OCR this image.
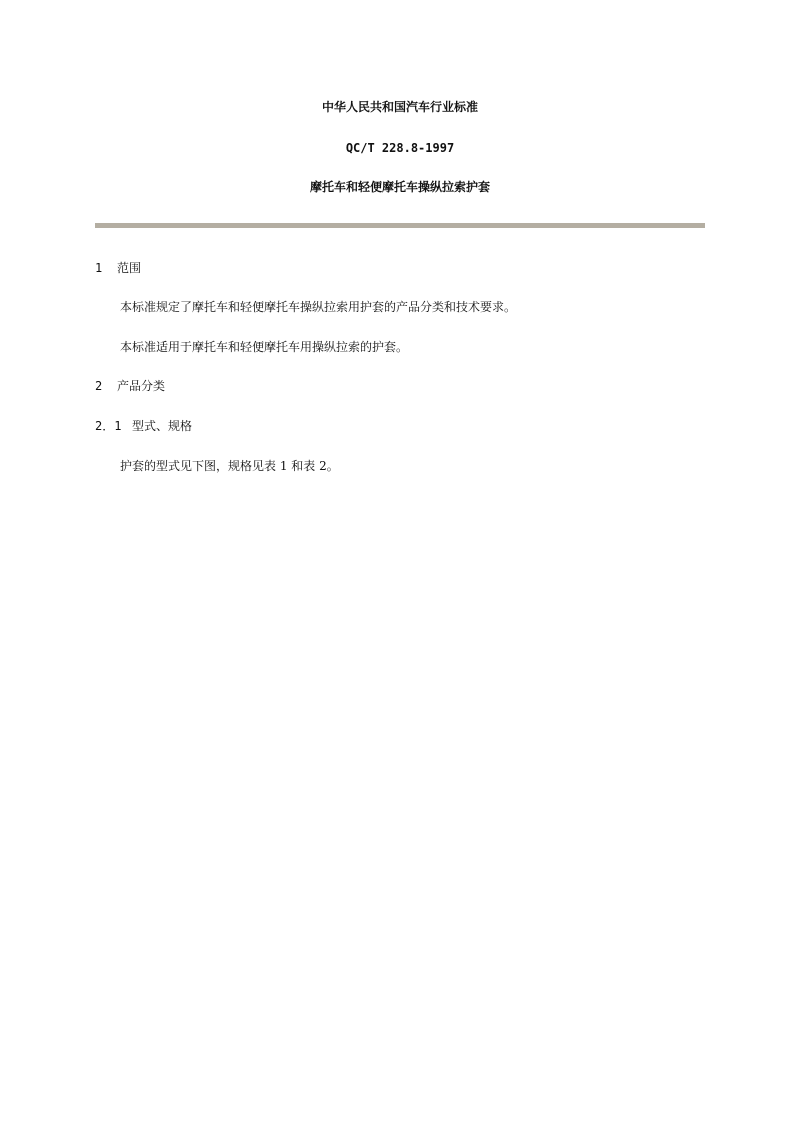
中华人民共和国汽车行业标准
QC/T 228.8-1997
摩托车和轻便摩托车操纵拉索护套
1 范围
本标准规定了摩托车和轻便摩托车操纵拉索用护套的产品分类和技术要求。
本标准适用于摩托车和轻便摩托车用操纵拉索的护套。
2 产品分类
2．1 型式、规格
护套的型式见下图，规格见表 1 和表 2。
